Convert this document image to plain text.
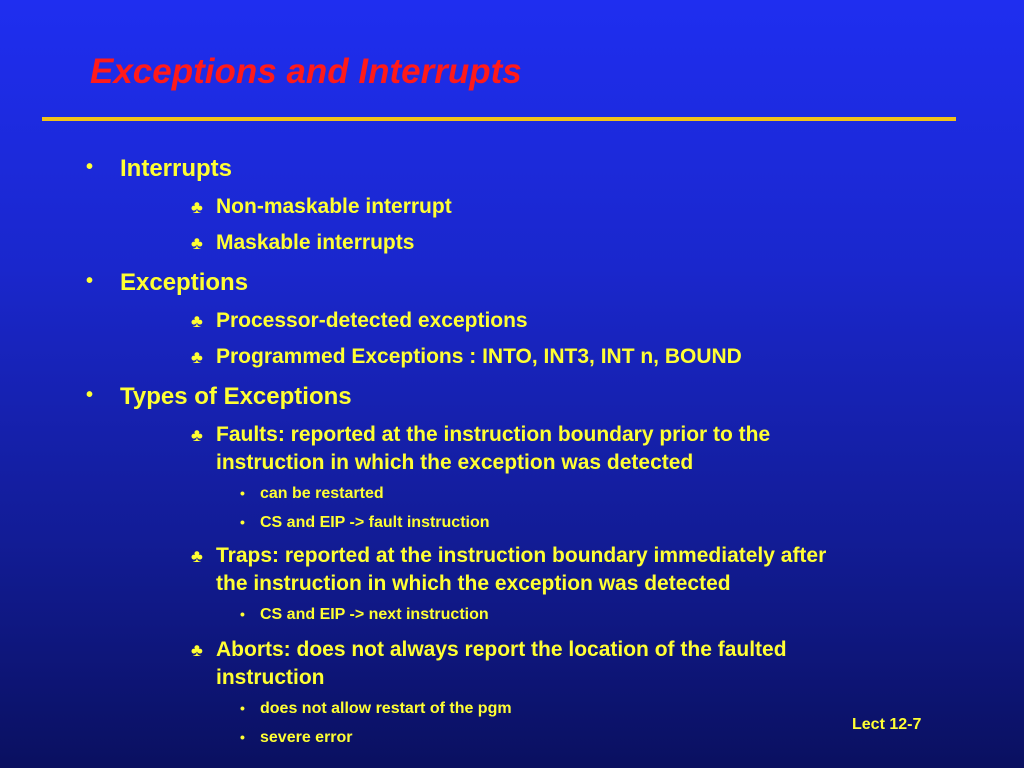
Exceptions and Interrupts
• Interrupts
♣ Non-maskable interrupt
♣ Maskable interrupts
• Exceptions
♣ Processor-detected exceptions
♣ Programmed Exceptions : INTO, INT3, INT n, BOUND
• Types of Exceptions
♣ Faults: reported at the instruction boundary prior to the
instruction in which the exception was detected
• can be restarted
• CS and EIP -> fault instruction
♣ Traps: reported at the instruction boundary immediately after
the instruction in which the exception was detected
• CS and EIP -> next instruction
♣ Aborts: does not always report the location of the faulted
instruction
• does not allow restart of the pgm
• severe error
Lect 12-7
